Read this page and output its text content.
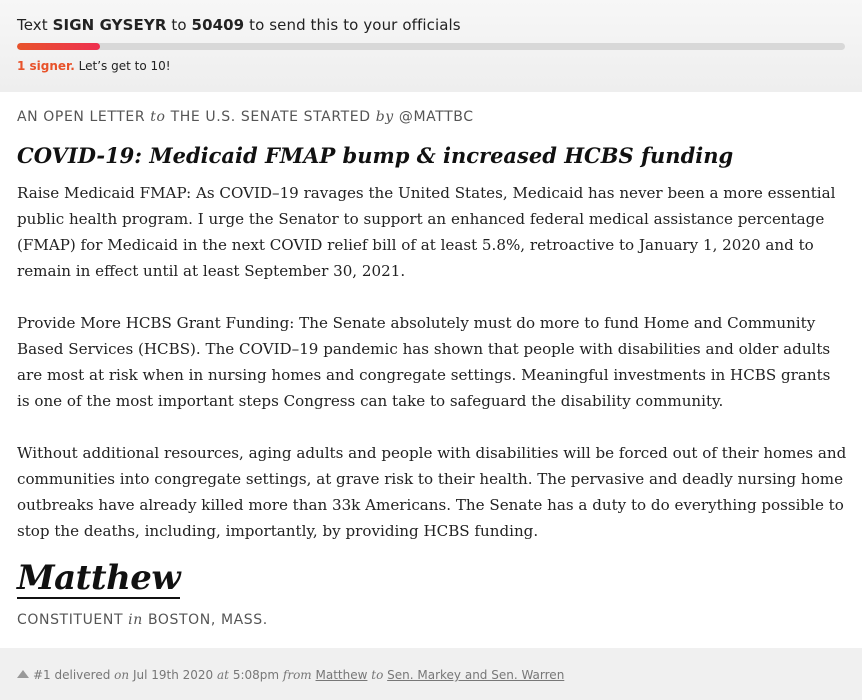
Text SIGN GYSEYR to 50409 to send this to your officials
1 signer. Let’s get to 10!
AN OPEN LETTER to THE U.S. SENATE STARTED by @MATTBC
COVID-19: Medicaid FMAP bump & increased HCBS funding

Raise Medicaid FMAP: As COVID–19 ravages the United States, Medicaid has never been a more essential public health program. I urge the Senator to support an enhanced federal medical assistance percentage (FMAP) for Medicaid in the next COVID relief bill of at least 5.8%, retroactive to January 1, 2020 and to remain in effect until at least September 30, 2021.

Provide More HCBS Grant Funding: The Senate absolutely must do more to fund Home and Community Based Services (HCBS). The COVID–19 pandemic has shown that people with disabilities and older adults are most at risk when in nursing homes and congregate settings. Meaningful investments in HCBS grants is one of the most important steps Congress can take to safeguard the disability community.

Without additional resources, aging adults and people with disabilities will be forced out of their homes and communities into congregate settings, at grave risk to their health. The pervasive and deadly nursing home outbreaks have already killed more than 33k Americans. The Senate has a duty to do everything possible to stop the deaths, including, importantly, by providing HCBS funding.

Matthew
CONSTITUENT in BOSTON, MASS.
#1 delivered on Jul 19th 2020 at 5:08pm from Matthew to Sen. Markey and Sen. Warren
